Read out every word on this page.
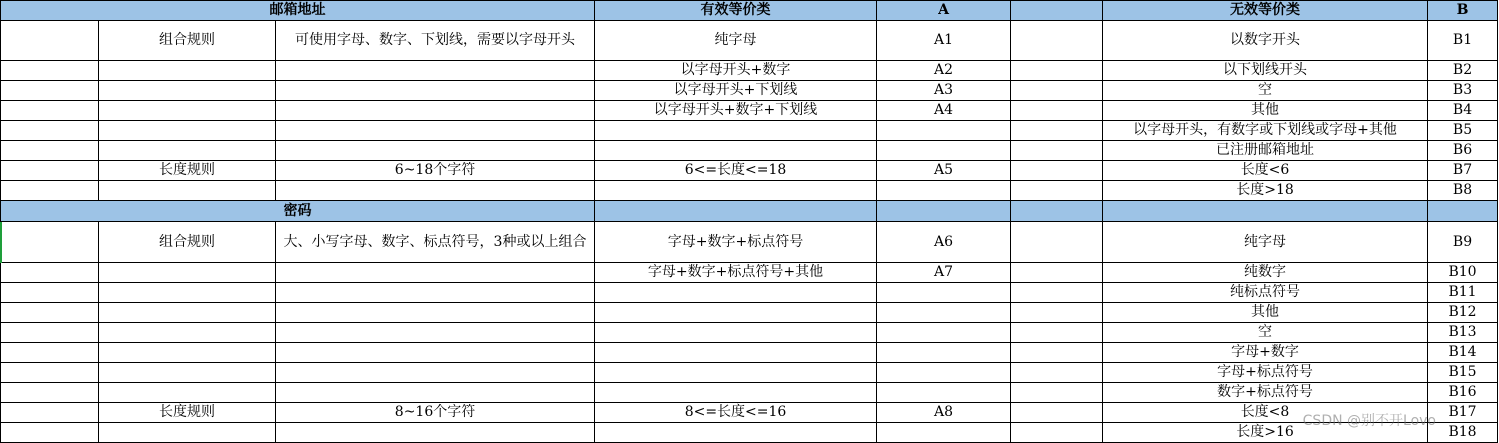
邮箱地址			有效等价类	A		无效等价类	B
	组合规则	可使用字母、数字、下划线，需要以字母开头	纯字母	A1		以数字开头	B1
			以字母开头+数字	A2		以下划线开头	B2
			以字母开头+下划线	A3		空	B3
			以字母开头+数字+下划线	A4		其他	B4
						以字母开头，有数字或下划线或字母+其他	B5
						已注册邮箱地址	B6
	长度规则	6~18个字符	6<=长度<=18	A5		长度<6	B7
						长度>18	B8
密码							
	组合规则	大、小写字母、数字、标点符号，3种或以上组合	字母+数字+标点符号	A6		纯字母	B9
			字母+数字+标点符号+其他	A7		纯数字	B10
						纯标点符号	B11
						其他	B12
						空	B13
						字母+数字	B14
						字母+标点符号	B15
						数字+标点符号	B16
	长度规则	8~16个字符	8<=长度<=16	A8		长度<8	B17
						长度>16	B18
CSDN @别不开Lovo
